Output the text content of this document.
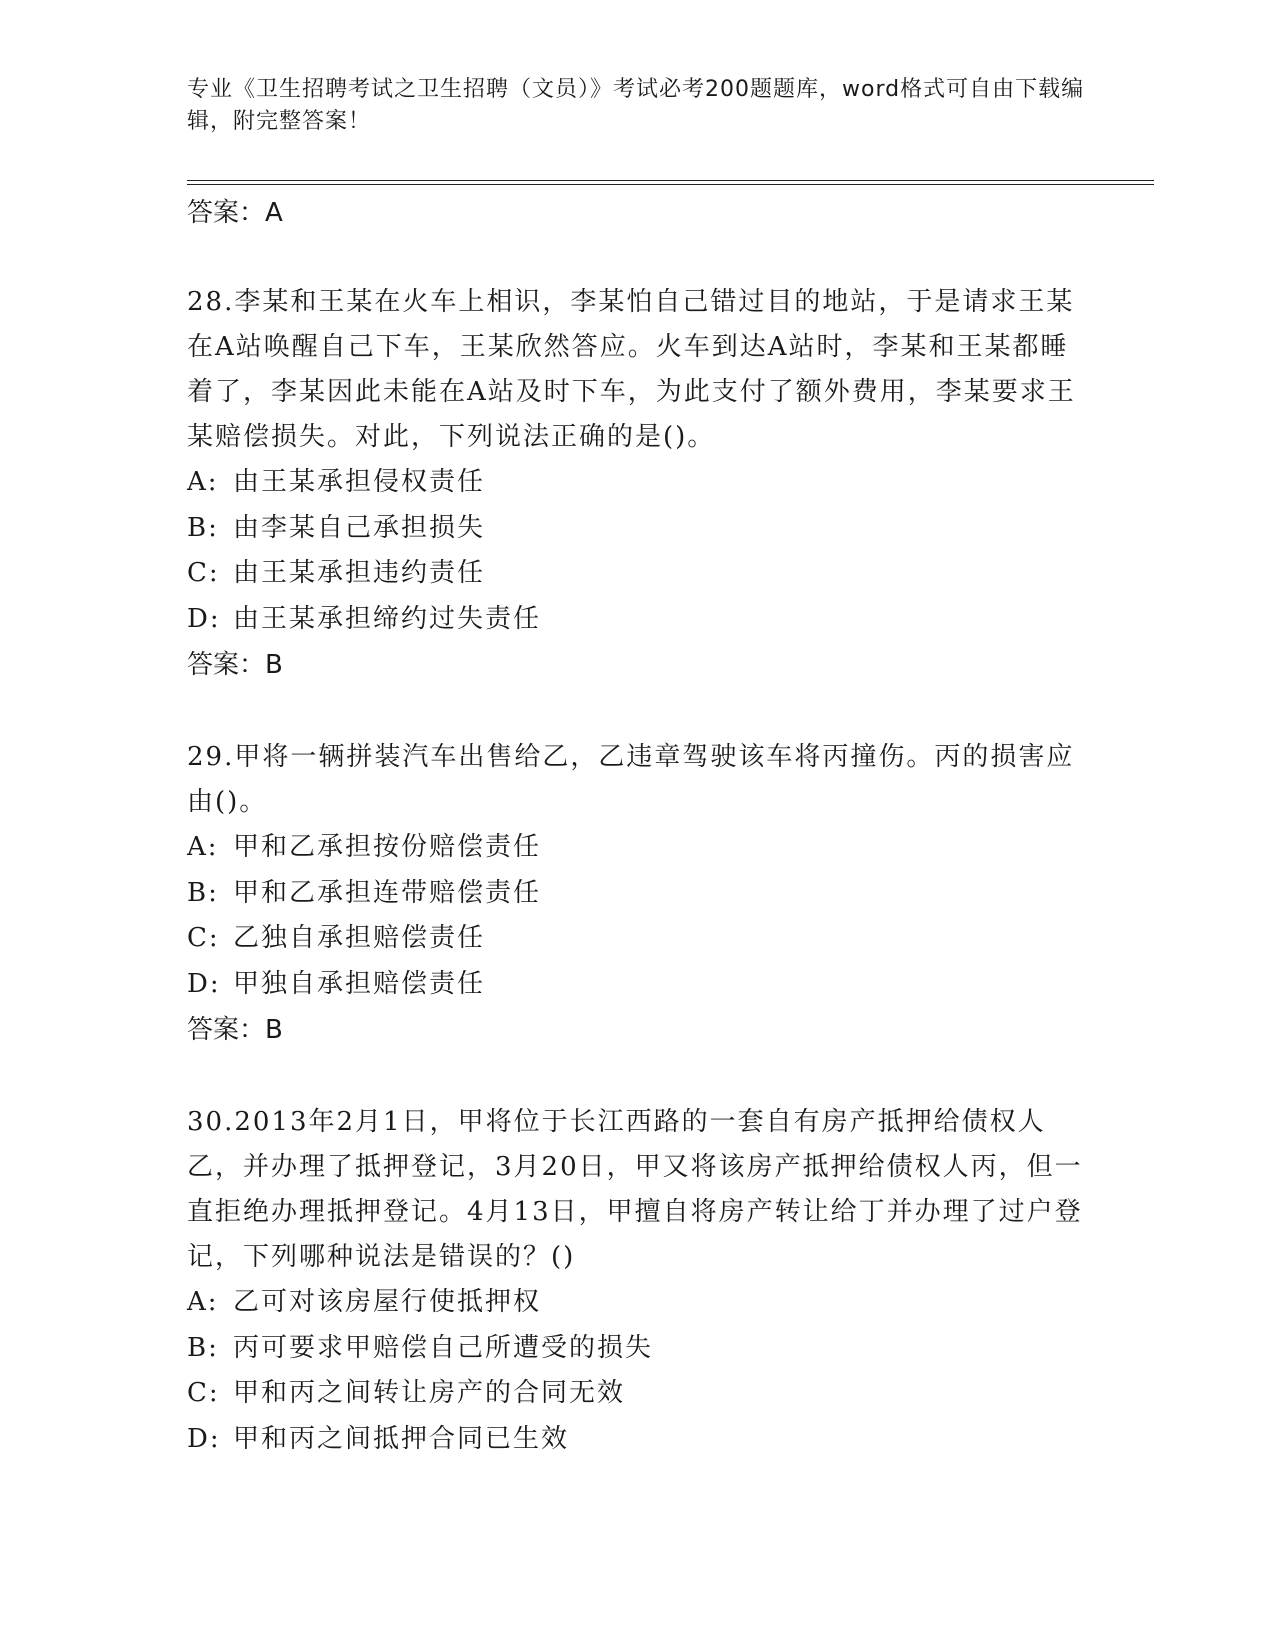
专业《卫生招聘考试之卫生招聘（文员）》考试必考200题题库，word格式可自由下载编辑，附完整答案！
答案：A

28.李某和王某在火车上相识，李某怕自己错过目的地站，于是请求王某在A站唤醒自己下车，王某欣然答应。火车到达A站时，李某和王某都睡着了，李某因此未能在A站及时下车，为此支付了额外费用，李某要求王某赔偿损失。对此，下列说法正确的是()。

A: 由王某承担侵权责任
B: 由李某自己承担损失
C: 由王某承担违约责任
D: 由王某承担缔约过失责任

答案：B

29.甲将一辆拼装汽车出售给乙，乙违章驾驶该车将丙撞伤。丙的损害应由()。

A: 甲和乙承担按份赔偿责任
B: 甲和乙承担连带赔偿责任
C: 乙独自承担赔偿责任
D: 甲独自承担赔偿责任

答案：B

30.2013年2月1日，甲将位于长江西路的一套自有房产抵押给债权人乙，并办理了抵押登记，3月20日，甲又将该房产抵押给债权人丙，但一直拒绝办理抵押登记。4月13日，甲擅自将房产转让给丁并办理了过户登记，下列哪种说法是错误的？()

A: 乙可对该房屋行使抵押权
B: 丙可要求甲赔偿自己所遭受的损失
C: 甲和丙之间转让房产的合同无效
D: 甲和丙之间抵押合同已生效
